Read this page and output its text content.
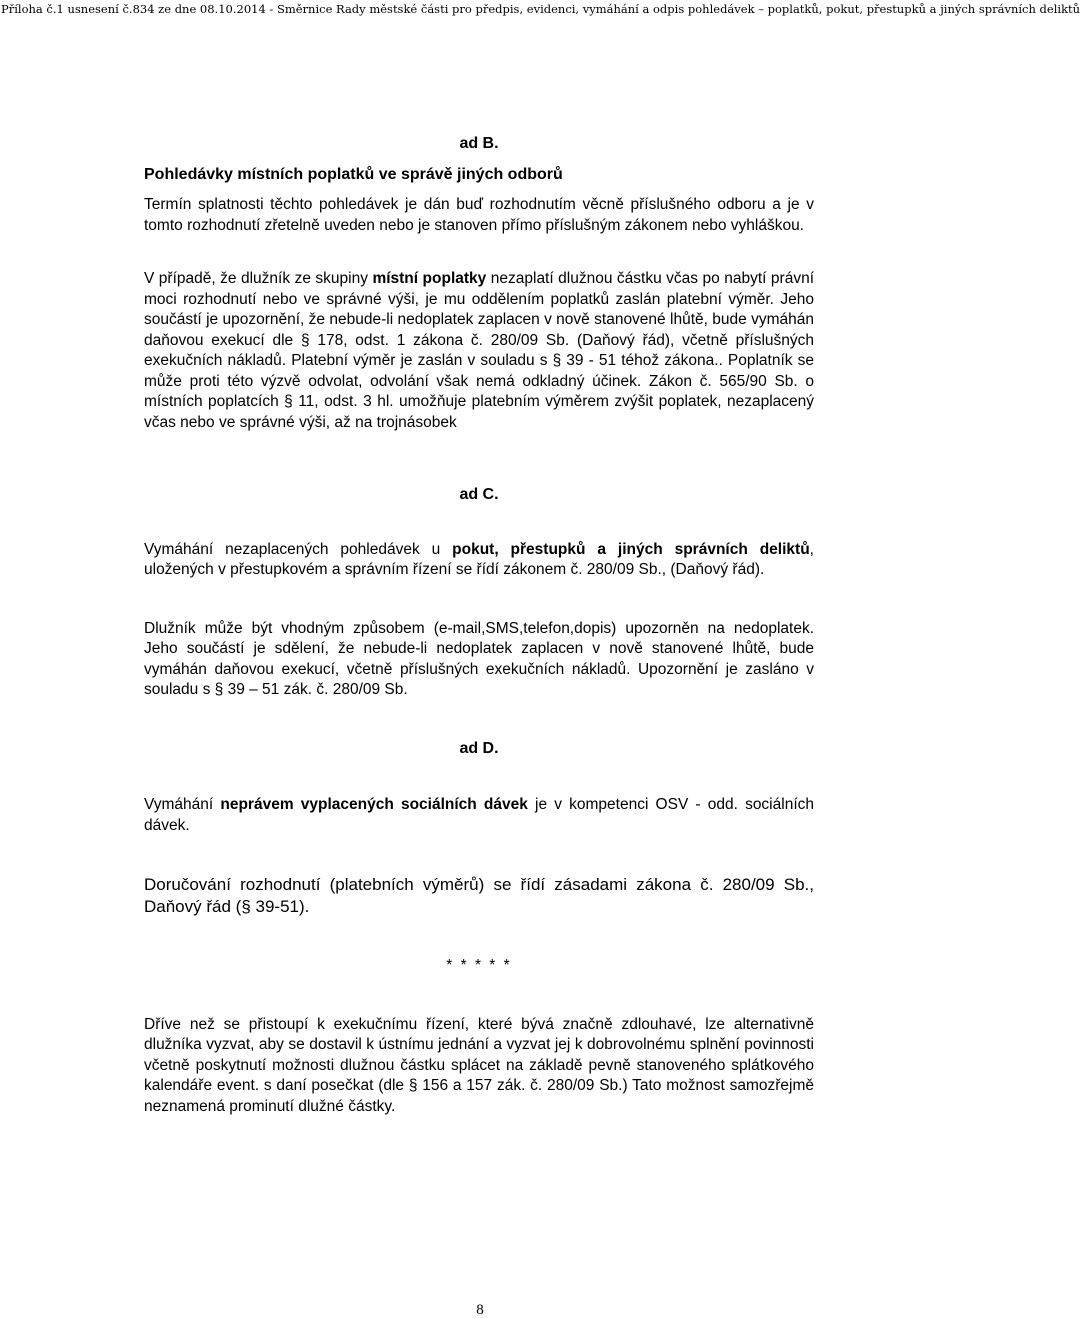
Příloha č.1 usnesení č.834 ze dne 08.10.2014 - Směrnice Rady městské části pro předpis, evidenci, vymáhání a odpis pohledávek – poplatků, pokut, přestupků a jiných správních deliktů
ad B.
Pohledávky místních poplatků ve správě jiných odborů

Termín splatnosti těchto pohledávek je dán buď rozhodnutím věcně příslušného odboru a je v tomto rozhodnutí zřetelně uveden nebo je stanoven přímo příslušným zákonem nebo vyhláškou.

V případě, že dlužník ze skupiny místní poplatky nezaplatí dlužnou částku včas po nabytí právní moci rozhodnutí nebo ve správné výši, je mu oddělením poplatků zaslán platební výměr. Jeho součástí je upozornění, že nebude-li nedoplatek zaplacen v nově stanovené lhůtě, bude vymáhán daňovou exekucí dle § 178, odst. 1 zákona č. 280/09 Sb. (Daňový řád), včetně příslušných exekučních nákladů. Platební výměr je zaslán v souladu s § 39 - 51 téhož zákona.. Poplatník se může proti této výzvě odvolat, odvolání však nemá odkladný účinek. Zákon č. 565/90 Sb. o místních poplatcích § 11, odst. 3 hl. umožňuje platebním výměrem zvýšit poplatek, nezaplacený včas nebo ve správné výši, až na trojnásobek

ad C.

Vymáhání nezaplacených pohledávek u pokut, přestupků a jiných správních deliktů, uložených v přestupkovém a správním řízení se řídí zákonem č. 280/09 Sb., (Daňový řád).

Dlužník může být vhodným způsobem (e-mail,SMS,telefon,dopis) upozorněn na nedoplatek. Jeho součástí je sdělení, že nebude-li nedoplatek zaplacen v nově stanovené lhůtě, bude vymáhán daňovou exekucí, včetně příslušných exekučních nákladů. Upozornění je zasláno v souladu s § 39 – 51 zák. č. 280/09 Sb.

ad D.

Vymáhání neprávem vyplacených sociálních dávek je v kompetenci OSV - odd. sociálních dávek.

Doručování rozhodnutí (platebních výměrů) se řídí zásadami zákona č. 280/09 Sb., Daňový řád (§ 39-51).

* * * * *

Dříve než se přistoupí k exekučnímu řízení, které bývá značně zdlouhavé, lze alternativně dlužníka vyzvat, aby se dostavil k ústnímu jednání a vyzvat jej k dobrovolnému splnění povinnosti včetně poskytnutí možnosti dlužnou částku splácet na základě pevně stanoveného splátkového kalendáře event. s daní posečkat (dle § 156 a 157 zák. č. 280/09 Sb.) Tato možnost samozřejmě neznamená prominutí dlužné částky.

8
